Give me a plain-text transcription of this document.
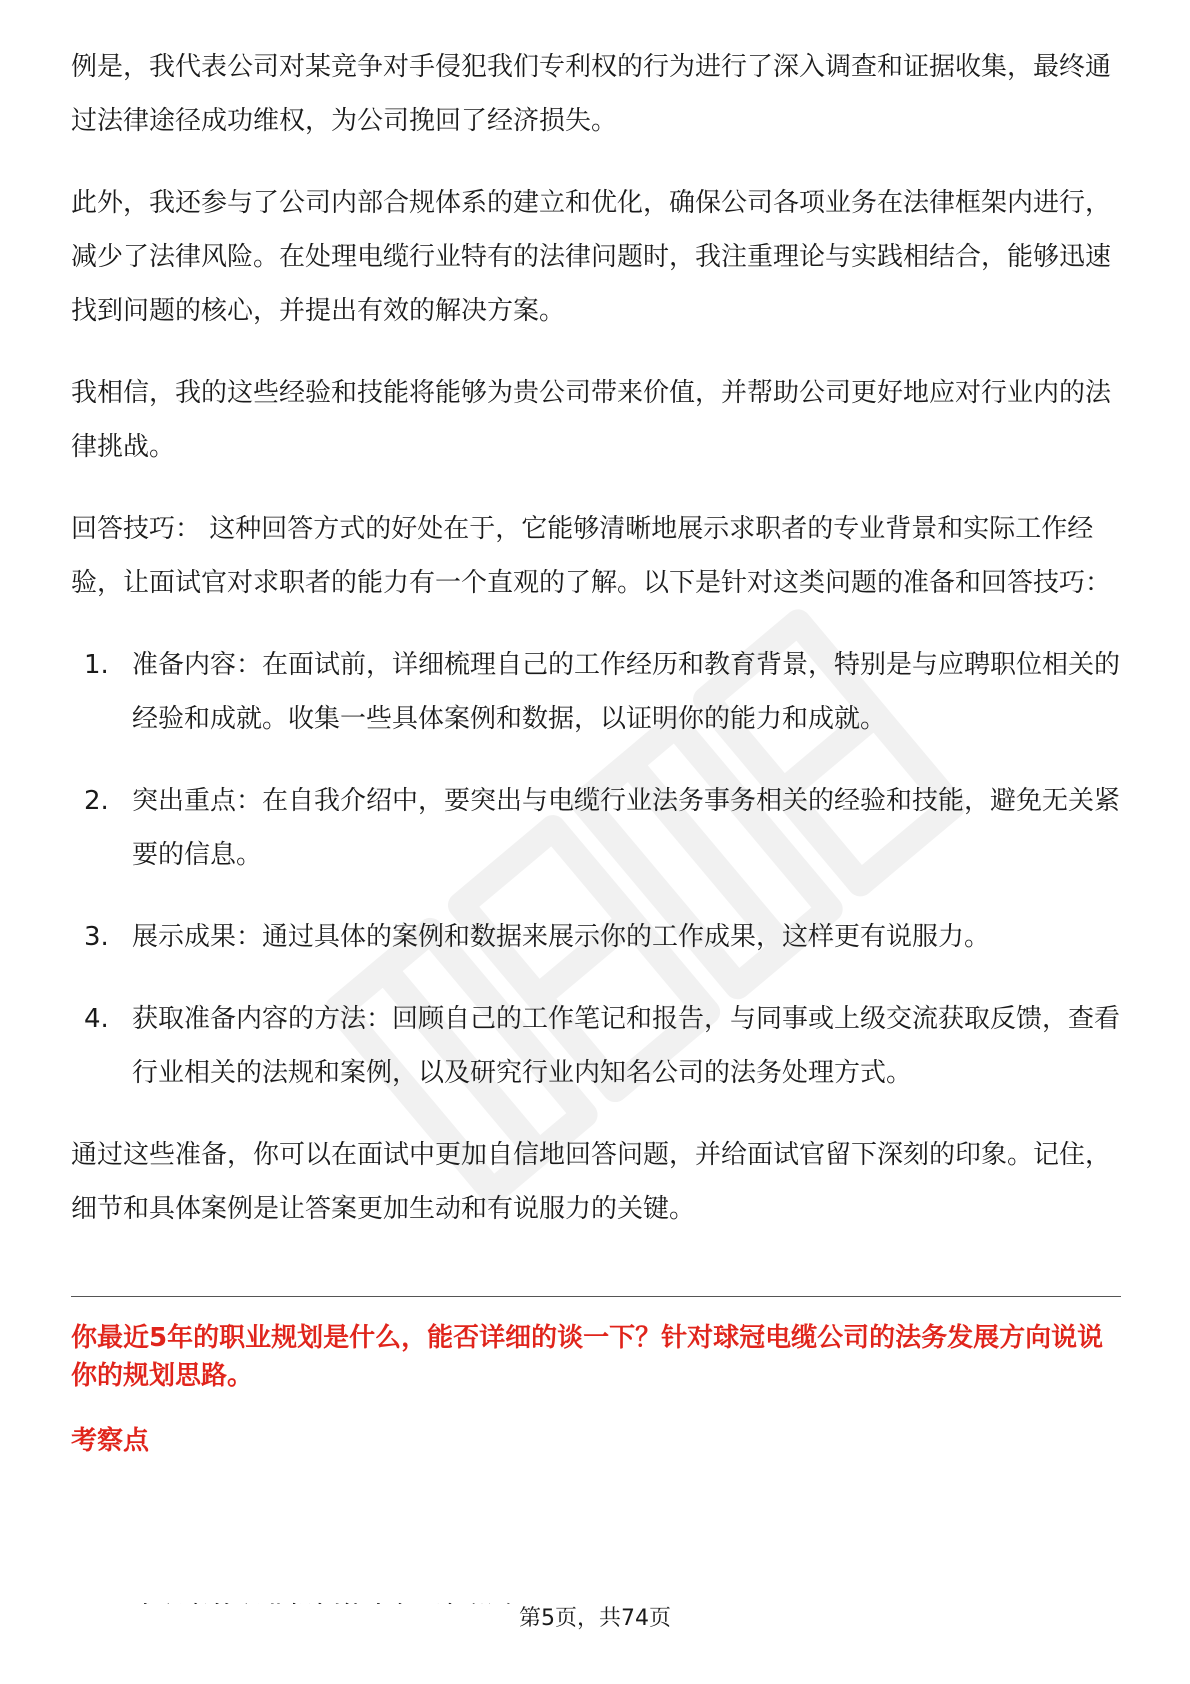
例是，我代表公司对某竞争对手侵犯我们专利权的行为进行了深入调查和证据收集，最终通过法律途径成功维权，为公司挽回了经济损失。

此外，我还参与了公司内部合规体系的建立和优化，确保公司各项业务在法律框架内进行，减少了法律风险。在处理电缆行业特有的法律问题时，我注重理论与实践相结合，能够迅速找到问题的核心，并提出有效的解决方案。

我相信，我的这些经验和技能将能够为贵公司带来价值，并帮助公司更好地应对行业内的法律挑战。

回答技巧： 这种回答方式的好处在于，它能够清晰地展示求职者的专业背景和实际工作经验，让面试官对求职者的能力有一个直观的了解。以下是针对这类问题的准备和回答技巧：

1. 准备内容：在面试前，详细梳理自己的工作经历和教育背景，特别是与应聘职位相关的经验和成就。收集一些具体案例和数据，以证明你的能力和成就。
2. 突出重点：在自我介绍中，要突出与电缆行业法务事务相关的经验和技能，避免无关紧要的信息。
3. 展示成果：通过具体的案例和数据来展示你的工作成果，这样更有说服力。
4. 获取准备内容的方法：回顾自己的工作笔记和报告，与同事或上级交流获取反馈，查看行业相关的法规和案例，以及研究行业内知名公司的法务处理方式。

通过这些准备，你可以在面试中更加自信地回答问题，并给面试官留下深刻的印象。记住，细节和具体案例是让答案更加生动和有说服力的关键。

你最近5年的职业规划是什么，能否详细的谈一下？针对球冠电缆公司的法务发展方向说说你的规划思路。
考察点
第5页，共74页
